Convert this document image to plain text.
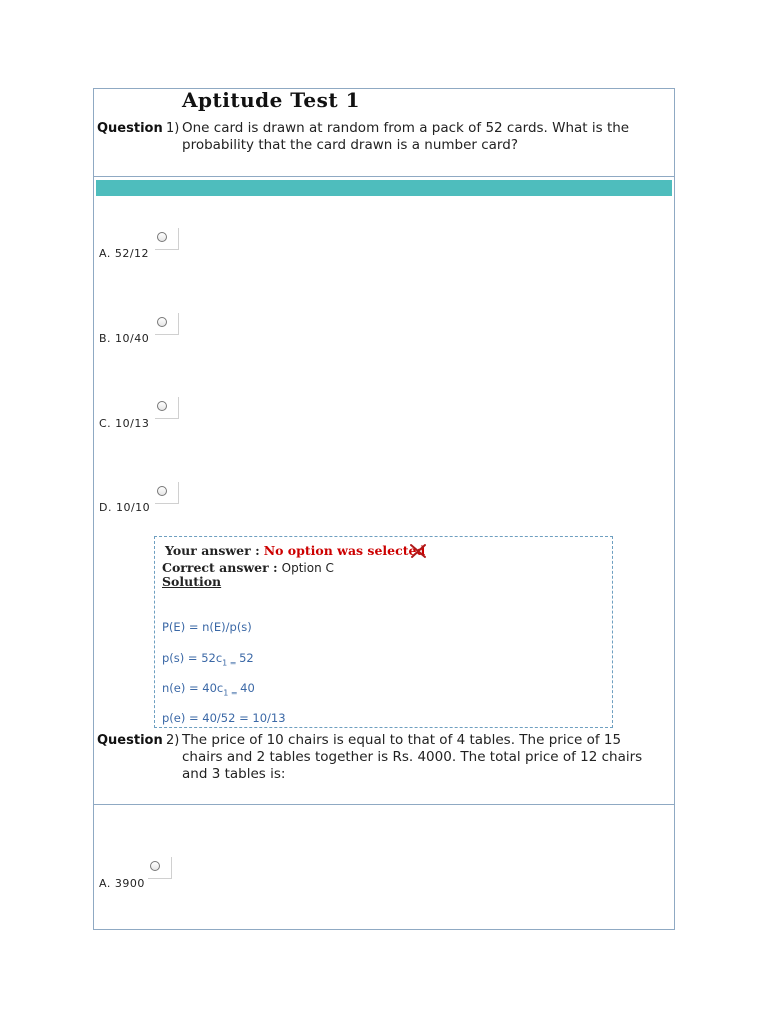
Aptitude Test 1
Question 1) One card is drawn at random from a pack of 52 cards. What is the
probability that the card drawn is a number card?
A. 52/12
B. 10/40
C. 10/13
D. 10/10
Your answer : No option was selected
Correct answer : Option C
Solution
P(E) = n(E)/p(s)
$p(s) = 52c_{1 =}$ 52
$n(e) = 40c_{1 =}$ 40
p(e) = 40/52 = 10/13
Question 2) The price of 10 chairs is equal to that of 4 tables. The price of 15
chairs and 2 tables together is Rs. 4000. The total price of 12 chairs
and 3 tables is:
A. 3900
